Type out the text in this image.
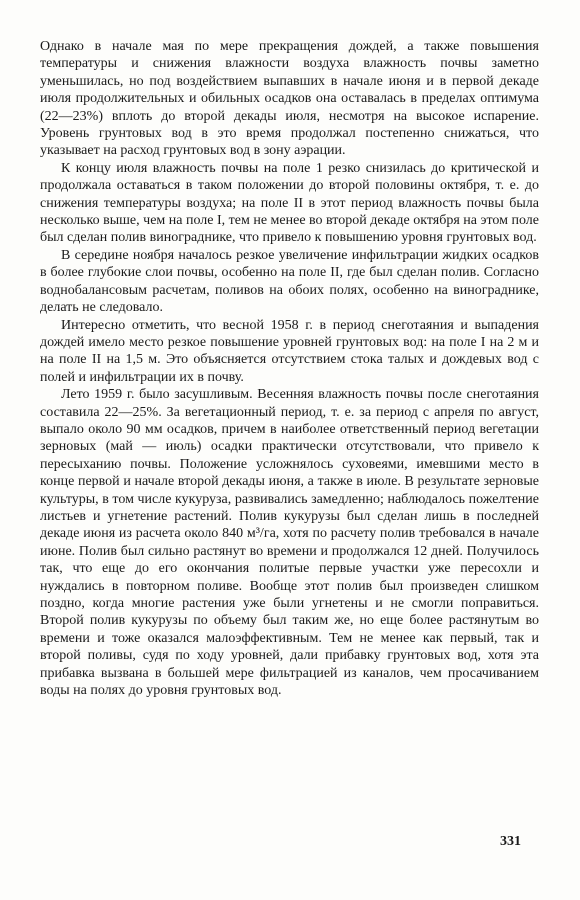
Однако в начале мая по мере прекращения дождей, а также повышения температуры и снижения влажности воздуха влажность почвы заметно уменьшилась, но под воздействием выпавших в начале июня и в первой декаде июля продолжительных и обильных осадков она оставалась в пределах оптимума (22—23%) вплоть до второй декады июля, несмотря на высокое испарение. Уровень грунтовых вод в это время продолжал постепенно снижаться, что указывает на расход грунтовых вод в зону аэрации.

К концу июля влажность почвы на поле 1 резко снизилась до критической и продолжала оставаться в таком положении до второй половины октября, т. е. до снижения температуры воздуха; на поле II в этот период влажность почвы была несколько выше, чем на поле I, тем не менее во второй декаде октября на этом поле был сделан полив винограднике, что привело к повышению уровня грунтовых вод.

В середине ноября началось резкое увеличение инфильтрации жидких осадков в более глубокие слои почвы, особенно на поле II, где был сделан полив. Согласно воднобалансовым расчетам, поливов на обоих полях, особенно на винограднике, делать не следовало.

Интересно отметить, что весной 1958 г. в период снеготаяния и выпадения дождей имело место резкое повышение уровней грунтовых вод: на поле I на 2 м и на поле II на 1,5 м. Это объясняется отсутствием стока талых и дождевых вод с полей и инфильтрации их в почву.

Лето 1959 г. было засушливым. Весенняя влажность почвы после снеготаяния составила 22—25%. За вегетационный период, т. е. за период с апреля по август, выпало около 90 мм осадков, причем в наиболее ответственный период вегетации зерновых (май — июль) осадки практически отсутствовали, что привело к пересыханию почвы. Положение усложнялось суховеями, имевшими место в конце первой и начале второй декады июня, а также в июле. В результате зерновые культуры, в том числе кукуруза, развивались замедленно; наблюдалось пожелтение листьев и угнетение растений. Полив кукурузы был сделан лишь в последней декаде июня из расчета около 840 м³/га, хотя по расчету полив требовался в начале июне. Полив был сильно растянут во времени и продолжался 12 дней. Получилось так, что еще до его окончания политые первые участки уже пересохли и нуждались в повторном поливе. Вообще этот полив был произведен слишком поздно, когда многие растения уже были угнетены и не смогли поправиться. Второй полив кукурузы по объему был таким же, но еще более растянутым во времени и тоже оказался малоэффективным. Тем не менее как первый, так и второй поливы, судя по ходу уровней, дали прибавку грунтовых вод, хотя эта прибавка вызвана в большей мере фильтрацией из каналов, чем просачиванием воды на полях до уровня грунтовых вод.

331
